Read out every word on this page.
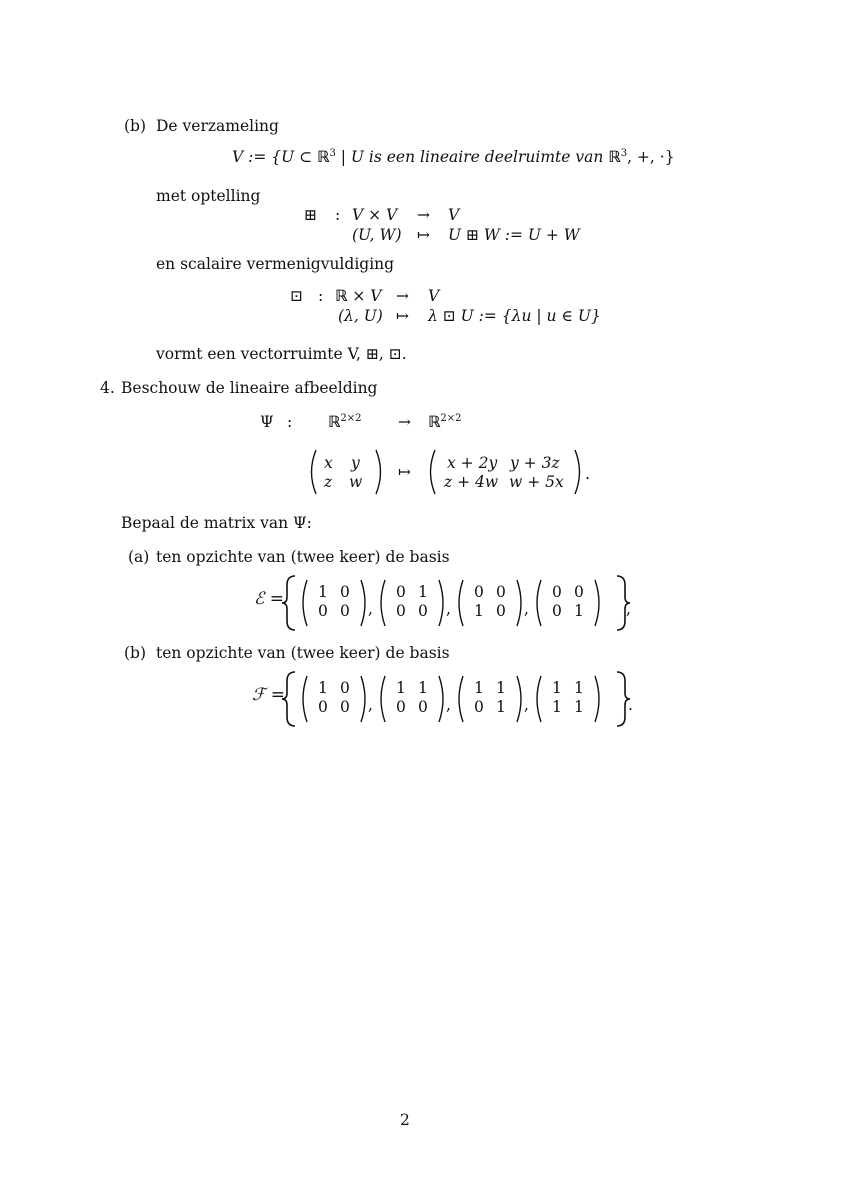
(b) De verzameling
V := {U ⊂ ℝ$^3$ | U is een lineaire deelruimte van ℝ$^3$, +, ·}
met optelling
⊞ : V × V → V
(U, W) ↦ U ⊞ W := U + W
en scalaire vermenigvuldiging
⊡ : ℝ × V → V
(λ, U) ↦ λ ⊡ U := {λu | u ∈ U}
vormt een vectorruimte V, ⊞, ⊡.
4. Beschouw de lineaire afbeelding
Ψ : ℝ$^{2\times 2}$ → ℝ$^{2\times 2}$
x y
z w
↦ x + 2y y + 3z
z + 4w w + 5x .
Bepaal de matrix van Ψ:
(a) ten opzichte van (twee keer) de basis
ℰ = 1 0
0 0 ,
0 1
0 0 ,
0 0
1 0 ,
0 0
0 1	,
(b) ten opzichte van (twee keer) de basis
ℱ = 1 0
0 0 ,
1 1
0 0 ,
1 1
0 1 ,
1 1
1 1	.
2
